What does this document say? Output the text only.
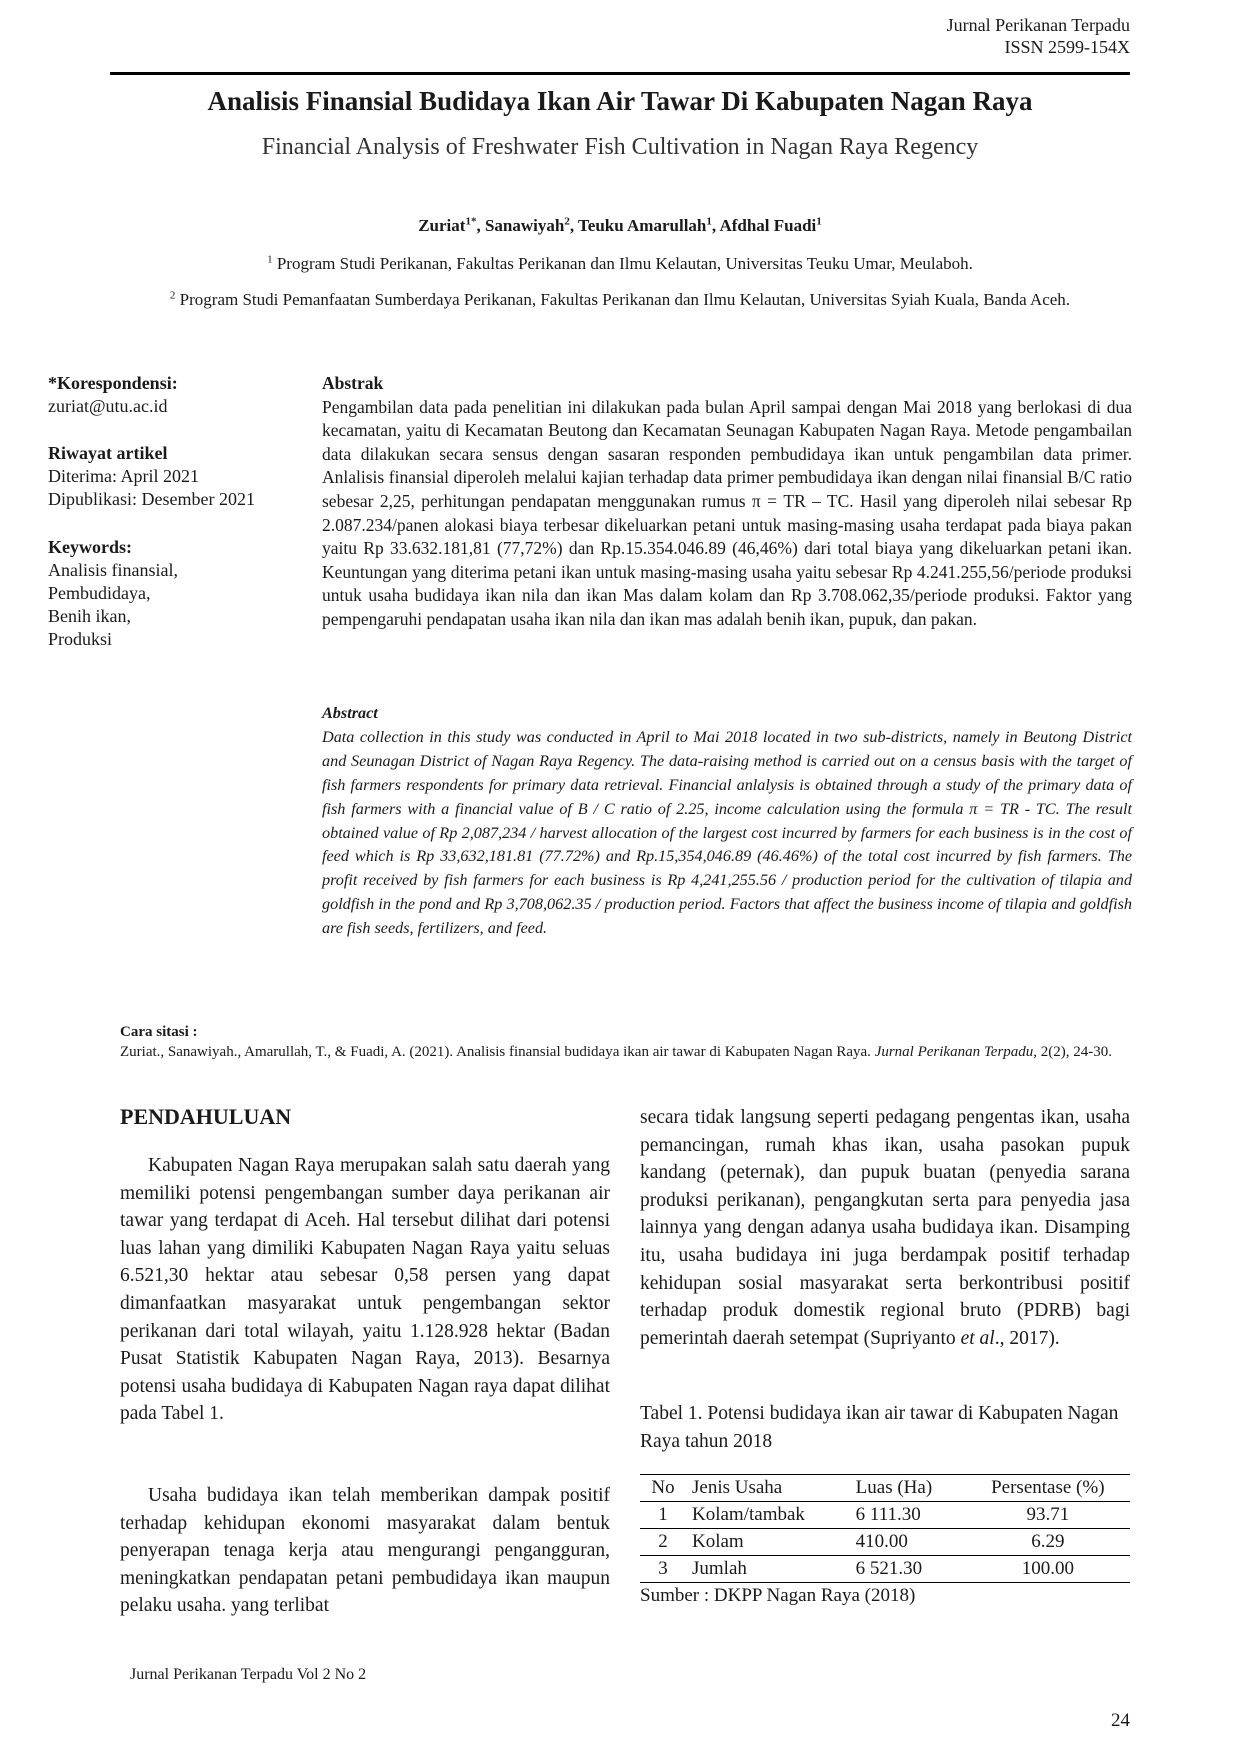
Jurnal Perikanan Terpadu
ISSN 2599-154X
Analisis Finansial Budidaya Ikan Air Tawar Di Kabupaten Nagan Raya
Financial Analysis of Freshwater Fish Cultivation in Nagan Raya Regency
Zuriat$^{1*}$, Sanawiyah$^2$, Teuku Amarullah$^1$, Afdhal Fuadi$^1$
$^1$ Program Studi Perikanan, Fakultas Perikanan dan Ilmu Kelautan, Universitas Teuku Umar, Meulaboh.
$^2$ Program Studi Pemanfaatan Sumberdaya Perikanan, Fakultas Perikanan dan Ilmu Kelautan, Universitas Syiah Kuala, Banda Aceh.
*Korespondensi:
zuriat@utu.ac.id
Riwayat artikel
Diterima: April 2021
Dipublikasi: Desember 2021
Keywords:
Analisis finansial,
Pembudidaya,
Benih ikan,
Produksi
Abstrak
Pengambilan data pada penelitian ini dilakukan pada bulan April sampai dengan Mai 2018 yang berlokasi di dua kecamatan, yaitu di Kecamatan Beutong dan Kecamatan Seunagan Kabupaten Nagan Raya. Metode pengambailan data dilakukan secara sensus dengan sasaran responden pembudidaya ikan untuk pengambilan data primer. Anlalisis finansial diperoleh melalui kajian terhadap data primer pembudidaya ikan dengan nilai finansial B/C ratio sebesar 2,25, perhitungan pendapatan menggunakan rumus π = TR – TC. Hasil yang diperoleh nilai sebesar Rp 2.087.234/panen alokasi biaya terbesar dikeluarkan petani untuk masing-masing usaha terdapat pada biaya pakan yaitu Rp 33.632.181,81 (77,72%) dan Rp.15.354.046.89 (46,46%) dari total biaya yang dikeluarkan petani ikan. Keuntungan yang diterima petani ikan untuk masing-masing usaha yaitu sebesar Rp 4.241.255,56/periode produksi untuk usaha budidaya ikan nila dan ikan Mas dalam kolam dan Rp 3.708.062,35/periode produksi. Faktor yang pempengaruhi pendapatan usaha ikan nila dan ikan mas adalah benih ikan, pupuk, dan pakan.
Abstract
Data collection in this study was conducted in April to Mai 2018 located in two sub-districts, namely in Beutong District and Seunagan District of Nagan Raya Regency. The data-raising method is carried out on a census basis with the target of fish farmers respondents for primary data retrieval. Financial anlalysis is obtained through a study of the primary data of fish farmers with a financial value of B / C ratio of 2.25, income calculation using the formula π = TR - TC. The result obtained value of Rp 2,087,234 / harvest allocation of the largest cost incurred by farmers for each business is in the cost of feed which is Rp 33,632,181.81 (77.72%) and Rp.15,354,046.89 (46.46%) of the total cost incurred by fish farmers. The profit received by fish farmers for each business is Rp 4,241,255.56 / production period for the cultivation of tilapia and goldfish in the pond and Rp 3,708,062.35 / production period. Factors that affect the business income of tilapia and goldfish are fish seeds, fertilizers, and feed.
Cara sitasi :
Zuriat., Sanawiyah., Amarullah, T., & Fuadi, A. (2021). Analisis finansial budidaya ikan air tawar di Kabupaten Nagan Raya. Jurnal Perikanan Terpadu, 2(2), 24-30.
PENDAHULUAN
Kabupaten Nagan Raya merupakan salah satu daerah yang memiliki potensi pengembangan sumber daya perikanan air tawar yang terdapat di Aceh. Hal tersebut dilihat dari potensi luas lahan yang dimiliki Kabupaten Nagan Raya yaitu seluas 6.521,30 hektar atau sebesar 0,58 persen yang dapat dimanfaatkan masyarakat untuk pengembangan sektor perikanan dari total wilayah, yaitu 1.128.928 hektar (Badan Pusat Statistik Kabupaten Nagan Raya, 2013). Besarnya potensi usaha budidaya di Kabupaten Nagan raya dapat dilihat pada Tabel 1.
Usaha budidaya ikan telah memberikan dampak positif terhadap kehidupan ekonomi masyarakat dalam bentuk penyerapan tenaga kerja atau mengurangi pengangguran, meningkatkan pendapatan petani pembudidaya ikan maupun pelaku usaha. yang terlibat
secara tidak langsung seperti pedagang pengentas ikan, usaha pemancingan, rumah khas ikan, usaha pasokan pupuk kandang (peternak), dan pupuk buatan (penyedia sarana produksi perikanan), pengangkutan serta para penyedia jasa lainnya yang dengan adanya usaha budidaya ikan. Disamping itu, usaha budidaya ini juga berdampak positif terhadap kehidupan sosial masyarakat serta berkontribusi positif terhadap produk domestik regional bruto (PDRB) bagi pemerintah daerah setempat (Supriyanto et al., 2017).
Tabel 1. Potensi budidaya ikan air tawar di Kabupaten Nagan Raya tahun 2018
No	Jenis Usaha	Luas (Ha)	Persentase (%)
1	Kolam/tambak	6 111.30	93.71
2	Kolam	410.00	6.29
3	Jumlah	6 521.30	100.00
Sumber : DKPP Nagan Raya (2018)
Jurnal Perikanan Terpadu Vol 2 No 2
24
